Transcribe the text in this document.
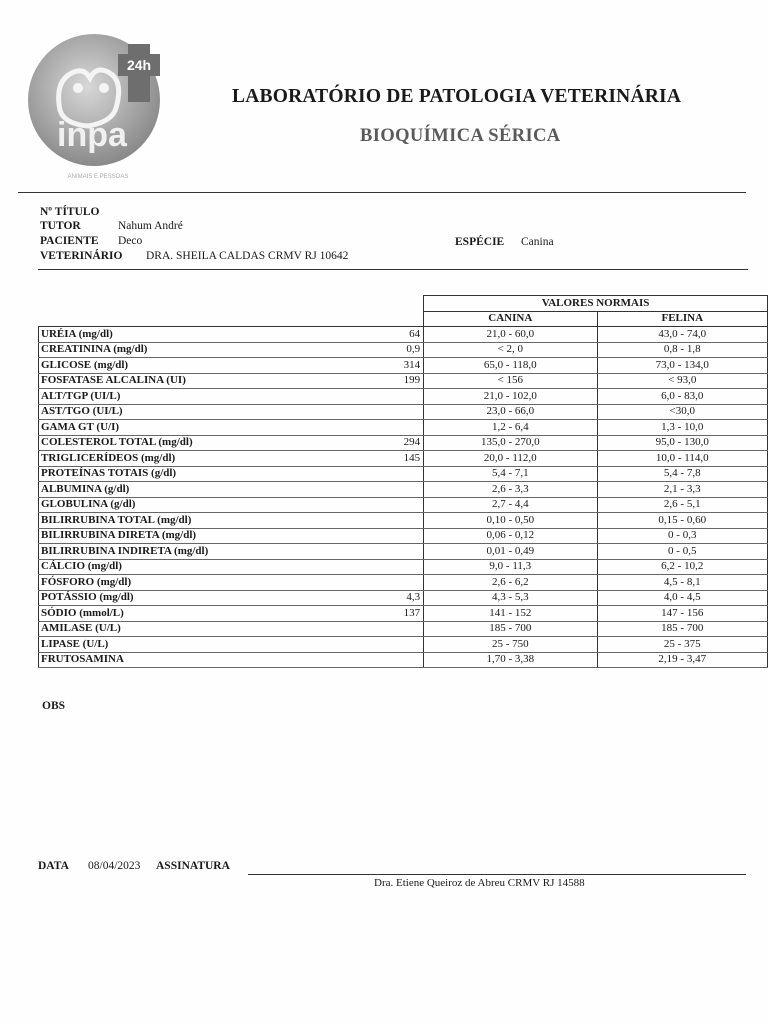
24h
inpa
ANIMAIS E PESSOAS
LABORATÓRIO DE PATOLOGIA VETERINÁRIA
BIOQUÍMICA SÉRICA
Nº TÍTULO
TUTOR	Nahum André
PACIENTE Deco	ESPÉCIE Canina
VETERINÁRIO DRA. SHEILA CALDAS CRMV RJ 10642
		VALORES NORMAIS	
		CANINA	FELINA
URÉIA (mg/dl)	64	21,0 - 60,0	43,0 - 74,0
CREATININA (mg/dl)	0,9	< 2, 0	0,8 - 1,8
GLICOSE (mg/dl)	314	65,0 - 118,0	73,0 - 134,0
FOSFATASE ALCALINA (UI)	199	< 156	< 93,0
ALT/TGP (UI/L)		21,0 - 102,0	6,0 - 83,0
AST/TGO (UI/L)		23,0 - 66,0	<30,0
GAMA GT (U/I)		1,2 - 6,4	1,3 - 10,0
COLESTEROL TOTAL (mg/dl)	294	135,0 - 270,0	95,0 - 130,0
TRIGLICERÍDEOS (mg/dl)	145	20,0 - 112,0	10,0 - 114,0
PROTEÍNAS TOTAIS (g/dl)		5,4 - 7,1	5,4 - 7,8
ALBUMINA (g/dl)		2,6 - 3,3	2,1 - 3,3
GLOBULINA (g/dl)		2,7 - 4,4	2,6 - 5,1
BILIRRUBINA TOTAL (mg/dl)		0,10 - 0,50	0,15 - 0,60
BILIRRUBINA DIRETA (mg/dl)		0,06 - 0,12	0 - 0,3
BILIRRUBINA INDIRETA (mg/dl)		0,01 - 0,49	0 - 0,5
CÁLCIO (mg/dl)		9,0 - 11,3	6,2 - 10,2
FÓSFORO (mg/dl)		2,6 - 6,2	4,5 - 8,1
POTÁSSIO (mg/dl)	4,3	4,3 - 5,3	4,0 - 4,5
SÓDIO (mmol/L)	137	141 - 152	147 - 156
AMILASE (U/L)		185 - 700	185 - 700
LIPASE (U/L)		25 - 750	25 - 375
FRUTOSAMINA		1,70 - 3,38	2,19 - 3,47
OBS
DATA 08/04/2023 ASSINATURA
Dra. Etiene Queiroz de Abreu CRMV RJ 14588
